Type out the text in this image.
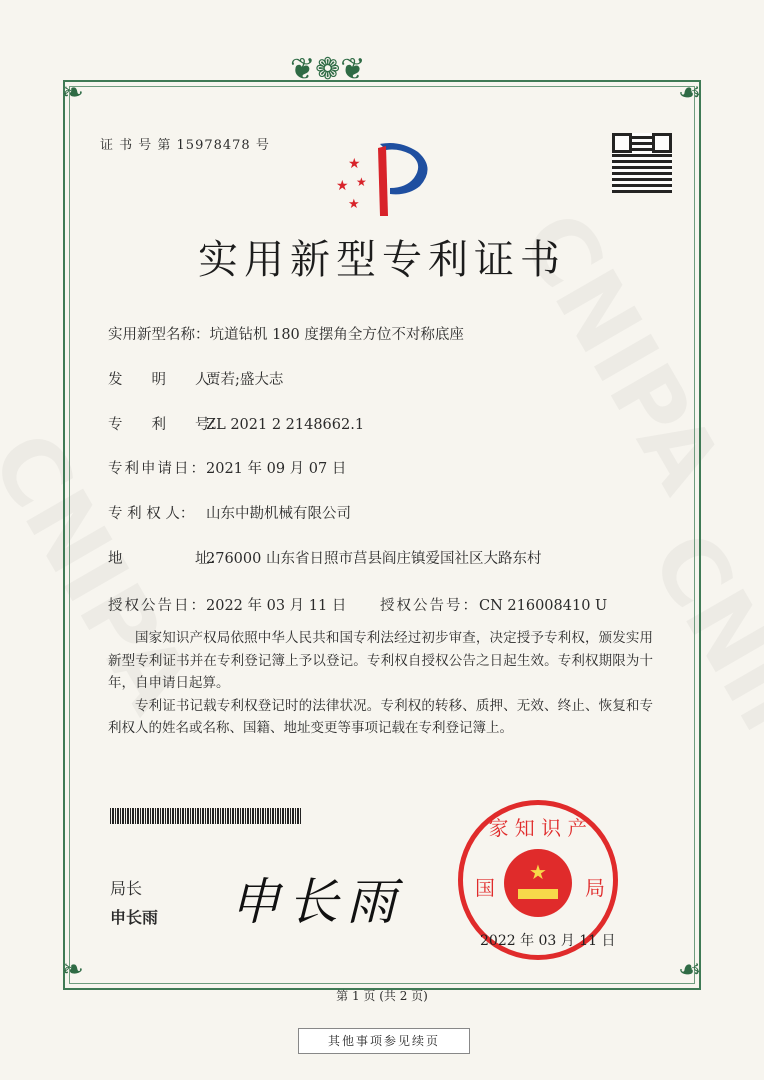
❦❁❦
❧	☙
❧	☙
证 书 号 第 15978478 号
★
★ ★
★
实用新型专利证书
实用新型名称：坑道钻机 180 度摆角全方位不对称底座
发　　明　　人：贾若;盛大志
专　　利　　号：ZL 2021 2 2148662.1
专利申请日：2021 年 09 月 07 日
专 利 权 人： 山东中勘机械有限公司
地　　　　　址：276000 山东省日照市莒县阎庄镇爱国社区大路东村
授权公告日：2022 年 03 月 11 日 授权公告号：CN 216008410 U
国家知识产权局依照中华人民共和国专利法经过初步审查，决定授予专利权，颁发实用
新型专利证书并在专利登记簿上予以登记。专利权自授权公告之日起生效。专利权期限为十
年，自申请日起算。
专利证书记载专利权登记时的法律状况。专利权的转移、质押、无效、终止、恢复和专
利权人的姓名或名称、国籍、地址变更等事项记载在专利登记簿上。
局长
申长雨 申长雨
★
家 知 识 产
国	局
2022 年 03 月 11 日
第 1 页 (共 2 页)
其他事项参见续页
